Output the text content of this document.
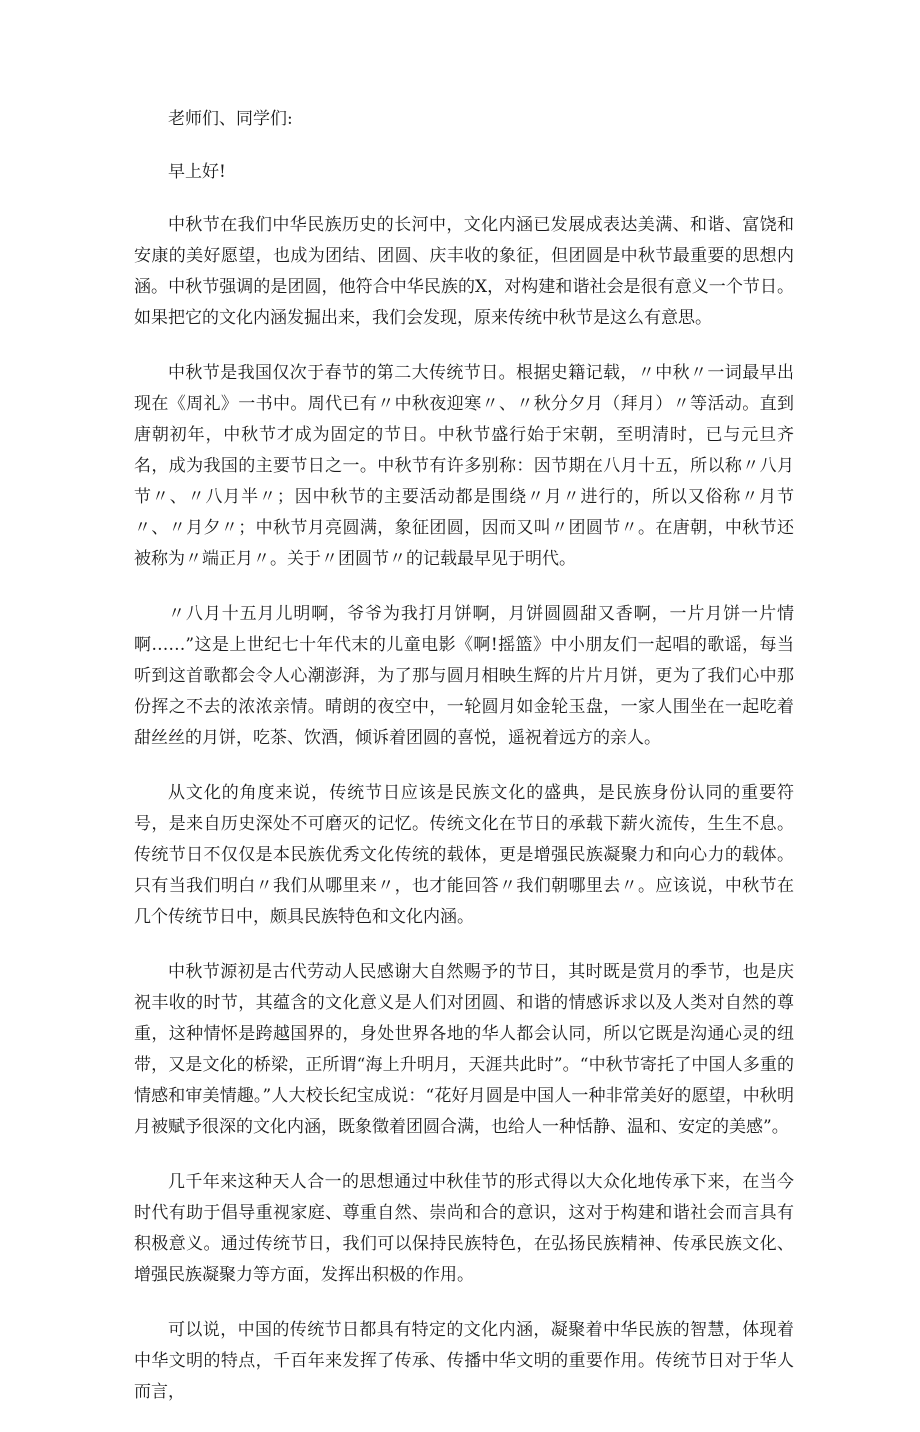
老师们、同学们:

早上好!

中秋节在我们中华民族历史的长河中，文化内涵已发展成表达美满、和谐、富饶和安康的美好愿望，也成为团结、团圆、庆丰收的象征，但团圆是中秋节最重要的思想内涵。中秋节强调的是团圆，他符合中华民族的X，对构建和谐社会是很有意义一个节日。如果把它的文化内涵发掘出来，我们会发现，原来传统中秋节是这么有意思。

中秋节是我国仅次于春节的第二大传统节日。根据史籍记载，〃中秋〃一词最早出现在《周礼》一书中。周代已有〃中秋夜迎寒〃、〃秋分夕月（拜月）〃等活动。直到唐朝初年，中秋节才成为固定的节日。中秋节盛行始于宋朝，至明清时，已与元旦齐名，成为我国的主要节日之一。中秋节有许多别称：因节期在八月十五，所以称〃八月节〃、〃八月半〃；因中秋节的主要活动都是围绕〃月〃进行的，所以又俗称〃月节〃、〃月夕〃；中秋节月亮圆满，象征团圆，因而又叫〃团圆节〃。在唐朝，中秋节还被称为〃端正月〃。关于〃团圆节〃的记载最早见于明代。

〃八月十五月儿明啊，爷爷为我打月饼啊，月饼圆圆甜又香啊，一片月饼一片情啊……”这是上世纪七十年代末的儿童电影《啊!摇篮》中小朋友们一起唱的歌谣，每当听到这首歌都会令人心潮澎湃，为了那与圆月相映生辉的片片月饼，更为了我们心中那份挥之不去的浓浓亲情。晴朗的夜空中，一轮圆月如金轮玉盘，一家人围坐在一起吃着甜丝丝的月饼，吃茶、饮酒，倾诉着团圆的喜悦，遥祝着远方的亲人。

从文化的角度来说，传统节日应该是民族文化的盛典，是民族身份认同的重要符号，是来自历史深处不可磨灭的记忆。传统文化在节日的承载下薪火流传，生生不息。传统节日不仅仅是本民族优秀文化传统的载体，更是增强民族凝聚力和向心力的载体。只有当我们明白〃我们从哪里来〃，也才能回答〃我们朝哪里去〃。应该说，中秋节在几个传统节日中，颇具民族特色和文化内涵。

中秋节源初是古代劳动人民感谢大自然赐予的节日，其时既是赏月的季节，也是庆祝丰收的时节，其蕴含的文化意义是人们对团圆、和谐的情感诉求以及人类对自然的尊重，这种情怀是跨越国界的，身处世界各地的华人都会认同，所以它既是沟通心灵的纽带，又是文化的桥梁，正所谓“海上升明月，天涯共此时”。“中秋节寄托了中国人多重的情感和审美情趣。”人大校长纪宝成说：“花好月圆是中国人一种非常美好的愿望，中秋明月被赋予很深的文化内涵，既象徵着团圆合满，也给人一种恬静、温和、安定的美感”。

几千年来这种天人合一的思想通过中秋佳节的形式得以大众化地传承下来，在当今时代有助于倡导重视家庭、尊重自然、崇尚和合的意识，这对于构建和谐社会而言具有积极意义。通过传统节日，我们可以保持民族特色，在弘扬民族精神、传承民族文化、增强民族凝聚力等方面，发挥出积极的作用。

可以说，中国的传统节日都具有特定的文化内涵，凝聚着中华民族的智慧，体现着中华文明的特点，千百年来发挥了传承、传播中华文明的重要作用。传统节日对于华人而言，
